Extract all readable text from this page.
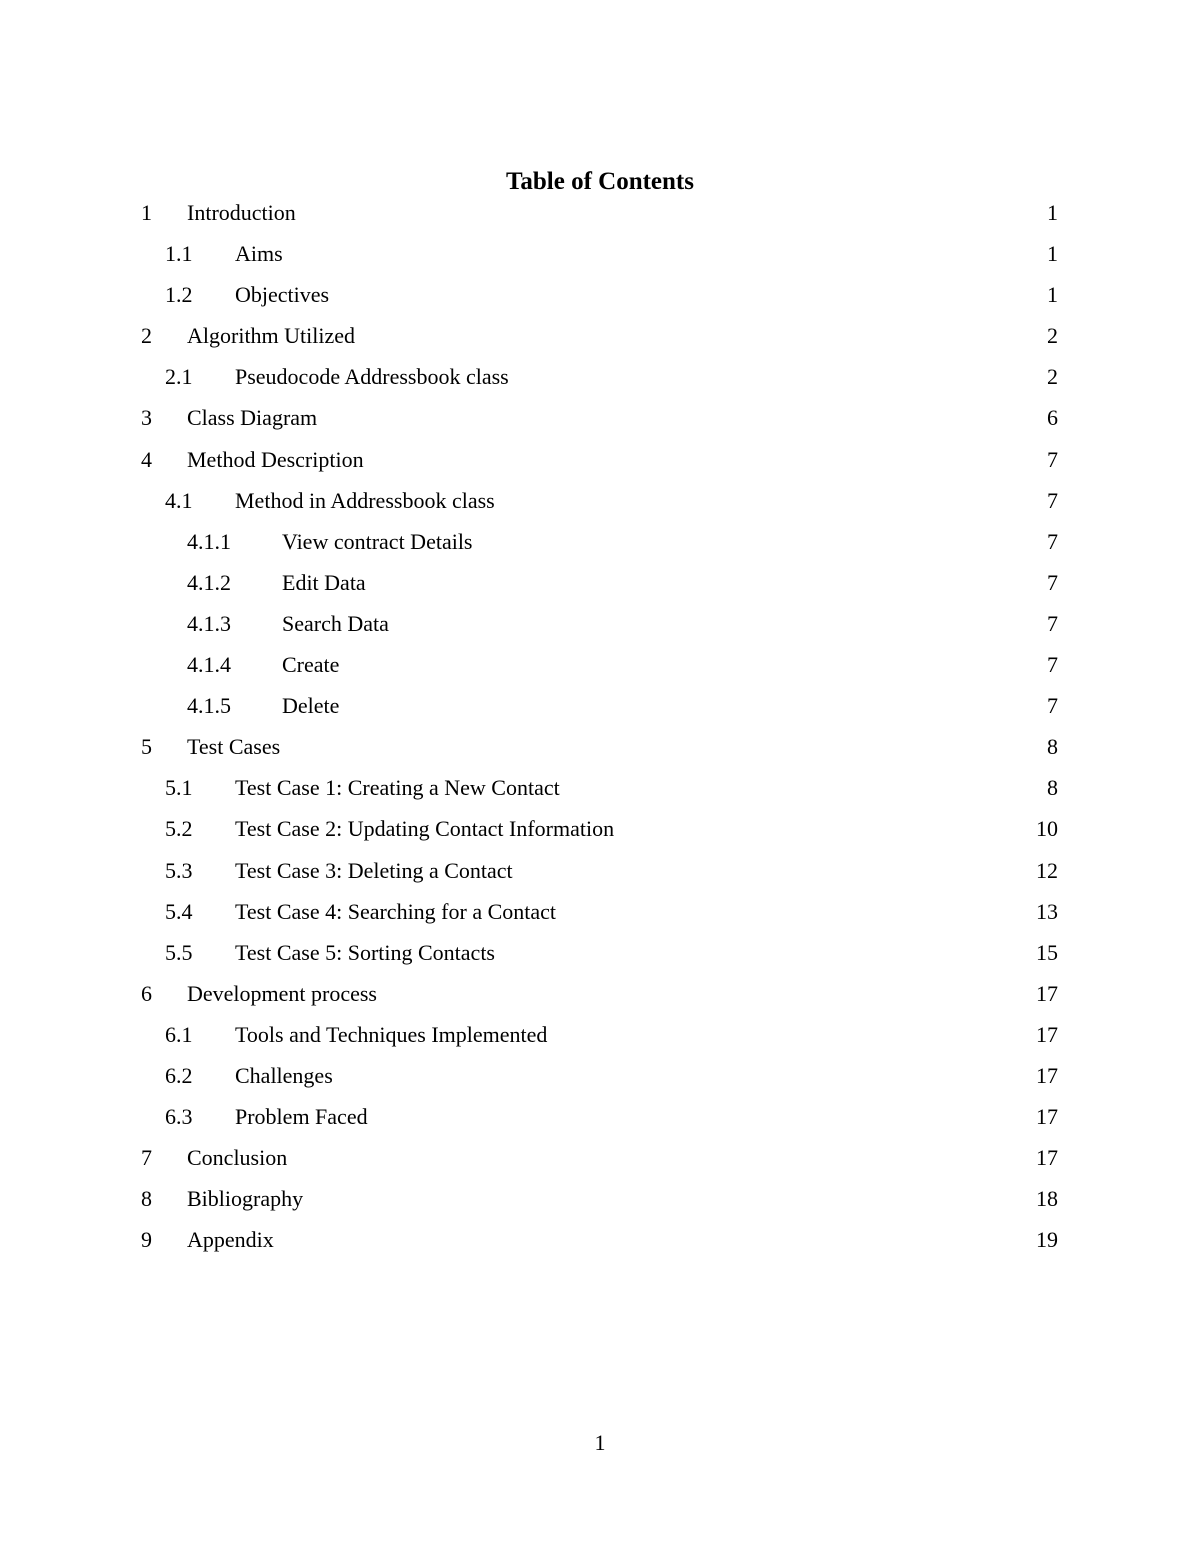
Table of Contents
1 Introduction	1
1.1 Aims	1
1.2 Objectives	1
2 Algorithm Utilized	2
2.1 Pseudocode Addressbook class	2
3 Class Diagram	6
4 Method Description	7
4.1 Method in Addressbook class	7
4.1.1 View contract Details	7
4.1.2 Edit Data	7
4.1.3 Search Data	7
4.1.4 Create	7
4.1.5 Delete	7
5 Test Cases	8
5.1 Test Case 1: Creating a New Contact	8
5.2 Test Case 2: Updating Contact Information	10
5.3 Test Case 3: Deleting a Contact	12
5.4 Test Case 4: Searching for a Contact	13
5.5 Test Case 5: Sorting Contacts	15
6 Development process	17
6.1 Tools and Techniques Implemented	17
6.2 Challenges	17
6.3 Problem Faced	17
7 Conclusion	17
8 Bibliography	18
9 Appendix	19
1
